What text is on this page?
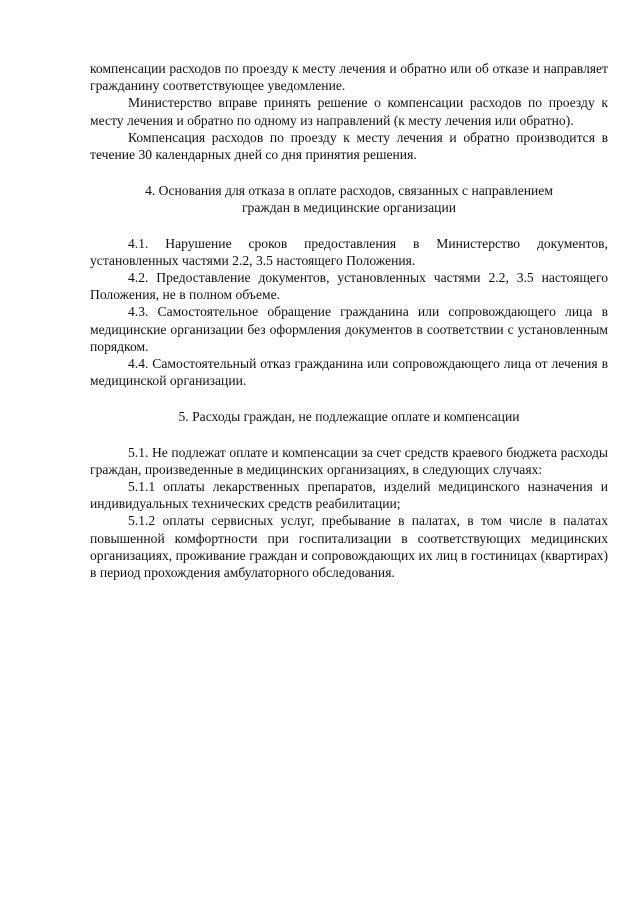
компенсации расходов по проезду к месту лечения и обратно или об отказе и направляет гражданину соответствующее уведомление.

Министерство вправе принять решение о компенсации расходов по проезду к месту лечения и обратно по одному из направлений (к месту лечения или обратно).

Компенсация расходов по проезду к месту лечения и обратно производится в течение 30 календарных дней со дня принятия решения.

4. Основания для отказа в оплате расходов, связанных с направлением
граждан в медицинские организации

4.1. Нарушение сроков предоставления в Министерство документов, установленных частями 2.2, 3.5 настоящего Положения.

4.2. Предоставление документов, установленных частями 2.2, 3.5 настоящего Положения, не в полном объеме.

4.3. Самостоятельное обращение гражданина или сопровождающего лица в медицинские организации без оформления документов в соответствии с установленным порядком.

4.4. Самостоятельный отказ гражданина или сопровождающего лица от лечения в медицинской организации.

5. Расходы граждан, не подлежащие оплате и компенсации

5.1. Не подлежат оплате и компенсации за счет средств краевого бюджета расходы граждан, произведенные в медицинских организациях, в следующих случаях:

5.1.1 оплаты лекарственных препаратов, изделий медицинского назначения и индивидуальных технических средств реабилитации;

5.1.2 оплаты сервисных услуг, пребывание в палатах, в том числе в палатах повышенной комфортности при госпитализации в соответствующих медицинских организациях, проживание граждан и сопровождающих их лиц в гостиницах (квартирах) в период прохождения амбулаторного обследования.
